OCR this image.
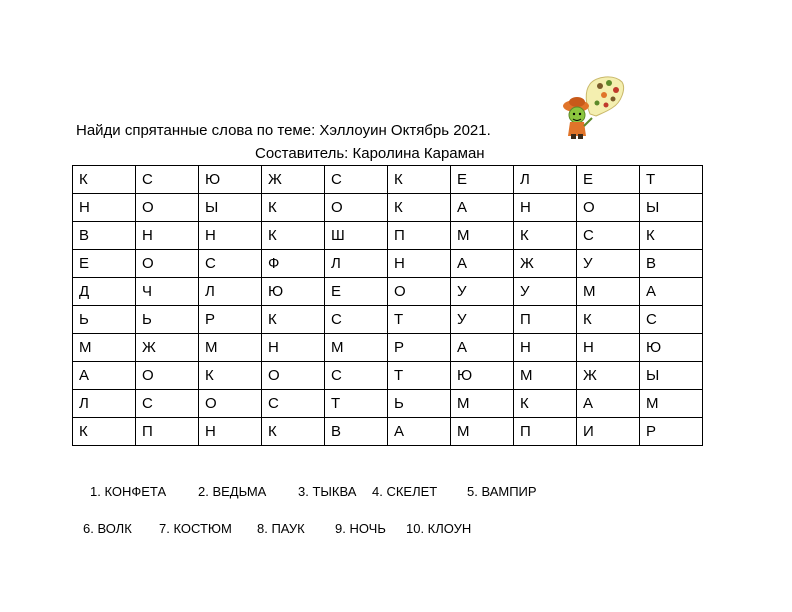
Найди спрятанные слова по теме: Хэллоуин Октябрь 2021.
Составитель: Каролина Караман
К	С	Ю	Ж	С	К	Е	Л	Е	Т
Н	О	Ы	К	О	К	А	Н	О	Ы
В	Н	Н	К	Ш	П	М	К	С	К
Е	О	С	Ф	Л	Н	А	Ж	У	В
Д	Ч	Л	Ю	Е	О	У	У	М	А
Ь	Ь	Р	К	С	Т	У	П	К	С
М	Ж	М	Н	М	Р	А	Н	Н	Ю
А	О	К	О	С	Т	Ю	М	Ж	Ы
Л	С	О	С	Т	Ь	М	К	А	М
К	П	Н	К	В	А	М	П	И	Р
1. КОНФЕТА 2. ВЕДЬМА 3. ТЫКВА 4. СКЕЛЕТ 5. ВАМПИР
6. ВОЛК 7. КОСТЮМ 8. ПАУК 9. НОЧЬ 10. КЛОУН
